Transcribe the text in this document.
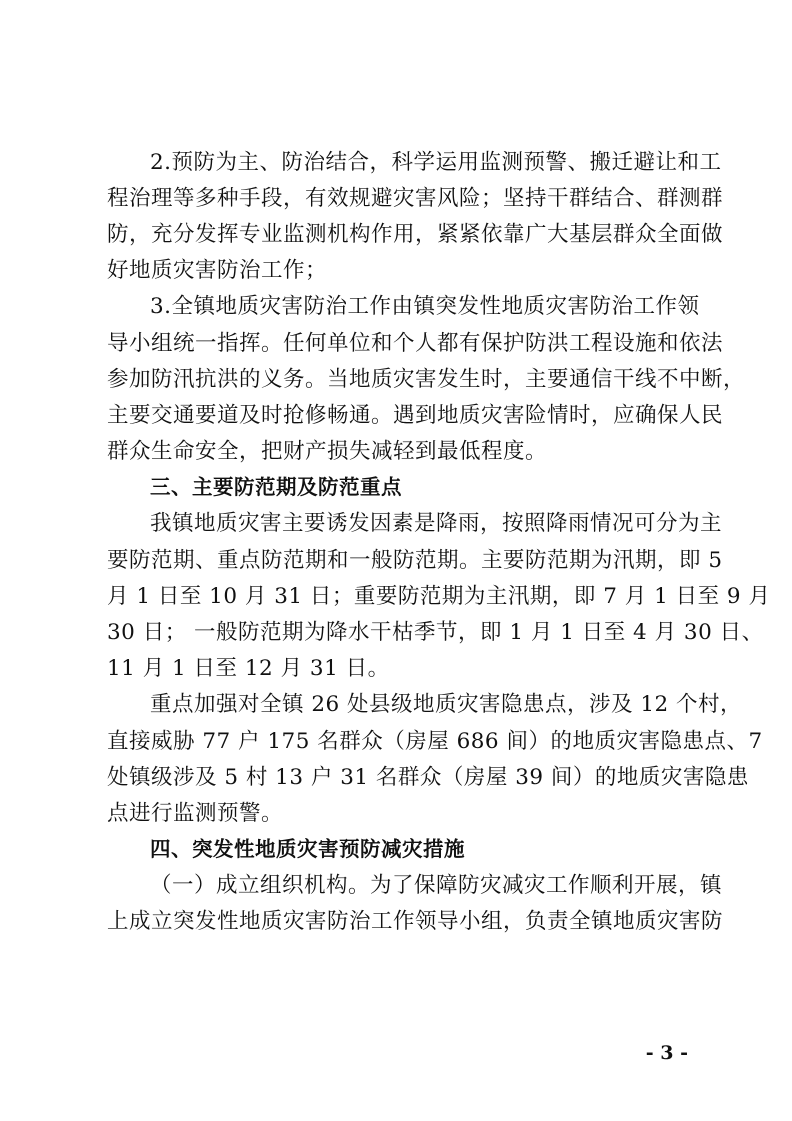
2.预防为主、防治结合，科学运用监测预警、搬迁避让和工
程治理等多种手段，有效规避灾害风险；坚持干群结合、群测群
防，充分发挥专业监测机构作用，紧紧依靠广大基层群众全面做
好地质灾害防治工作；
3.全镇地质灾害防治工作由镇突发性地质灾害防治工作领
导小组统一指挥。任何单位和个人都有保护防洪工程设施和依法
参加防汛抗洪的义务。当地质灾害发生时，主要通信干线不中断，
主要交通要道及时抢修畅通。遇到地质灾害险情时，应确保人民
群众生命安全，把财产损失减轻到最低程度。
三、主要防范期及防范重点
我镇地质灾害主要诱发因素是降雨，按照降雨情况可分为主
要防范期、重点防范期和一般防范期。主要防范期为汛期，即 5
月 1 日至 10 月 31 日；重要防范期为主汛期，即 7 月 1 日至 9 月
30 日； 一般防范期为降水干枯季节，即 1 月 1 日至 4 月 30 日、
11 月 1 日至 12 月 31 日。
重点加强对全镇 26 处县级地质灾害隐患点，涉及 12 个村，
直接威胁 77 户 175 名群众（房屋 686 间）的地质灾害隐患点、7
处镇级涉及 5 村 13 户 31 名群众（房屋 39 间）的地质灾害隐患
点进行监测预警。
四、突发性地质灾害预防减灾措施
（一）成立组织机构。为了保障防灾减灾工作顺利开展，镇
上成立突发性地质灾害防治工作领导小组，负责全镇地质灾害防
- 3 -
